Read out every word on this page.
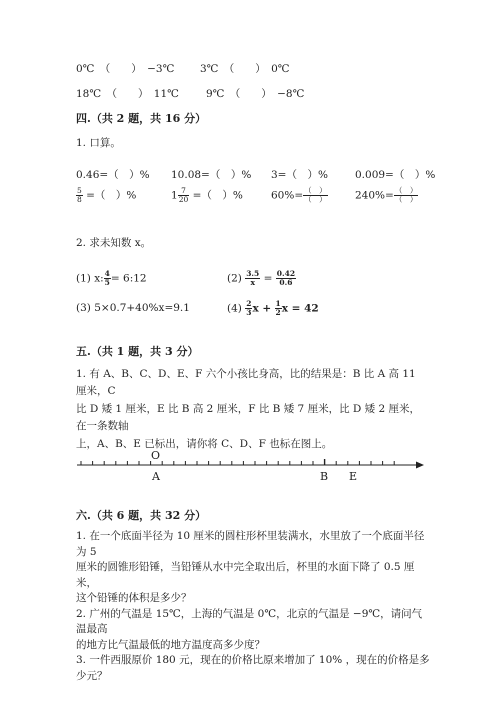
0℃ （　　） −3℃ 3℃ （　　） 0℃
18℃ （　　） 11℃	9℃ （　　） −8℃
四.（共 2 题，共 16 分）
1. 口算。
0.46=（　）% 10.08=（　）% 3=（　）%	0.009=（　）%
$\frac{5}{8}$ =（　）%	$1 \frac{7}{20}$ =（　）%	$60\%= \frac{( )}{( )}$	$240\%= \frac{( )}{( )}$
2. 求未知数 x。
(1) x: $\frac{4}{5}$ = 6:12	$(2) \frac{3.5}{x} = \frac{0.42}{0.6}$
(3) 5×0.7+40%x=9.1	$(4) \frac{2}{3}$ $x + \frac{1}{2}$ x = 42
五.（共 1 题，共 3 分）

1. 有 A、B、C、D、E、F 六个小孩比身高，比的结果是：B 比 A 高 11 厘米，C

比 D 矮 1 厘米，E 比 B 高 2 厘米，F 比 B 矮 7 厘米，比 D 矮 2 厘米，在一条数轴

上，A、B、E 已标出，请你将 C、D、F 也标在图上。

O
A	B E
六.（共 6 题，共 32 分）

1. 在一个底面半径为 10 厘米的圆柱形杯里装满水，水里放了一个底面半径为 5

厘米的圆锥形铅锤，当铅锤从水中完全取出后，杯里的水面下降了 0.5 厘米，

这个铅锤的体积是多少？

2. 广州的气温是 15℃，上海的气温是 0℃，北京的气温是 −9℃，请问气温最高

的地方比气温最低的地方温度高多少度？

3. 一件西服原价 180 元，现在的价格比原来增加了 10% ，现在的价格是多少元？
